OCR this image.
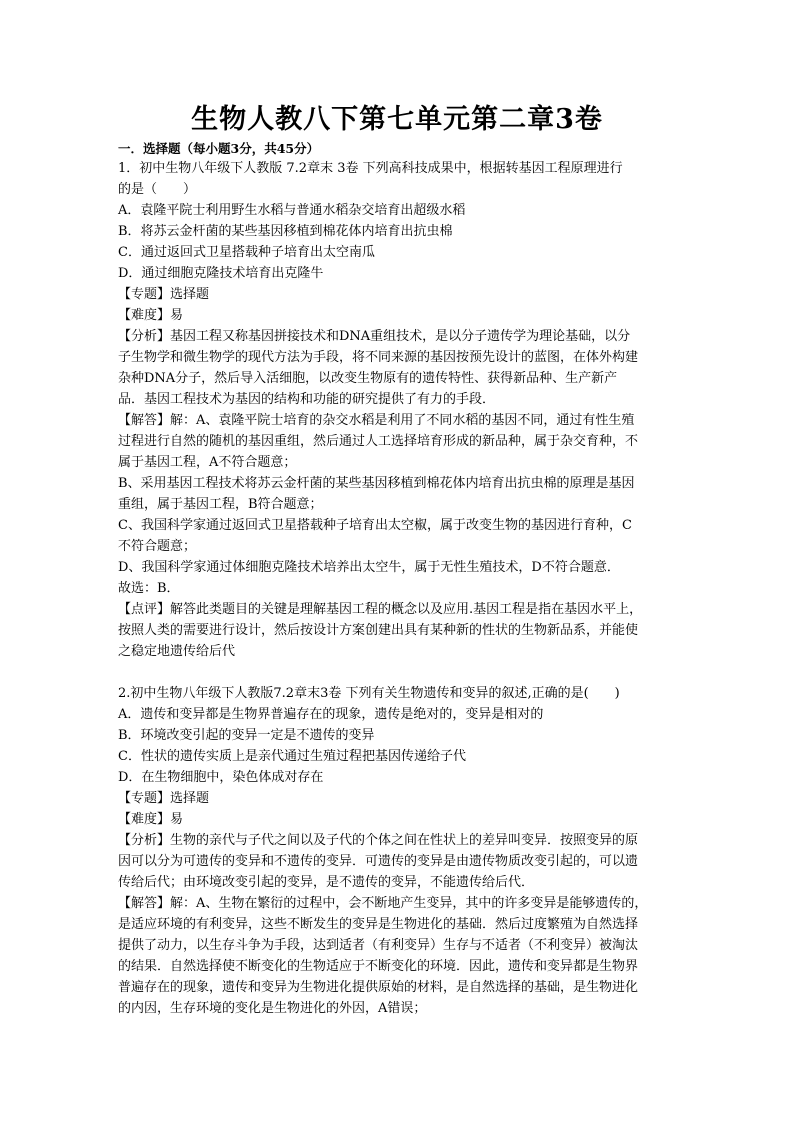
生物人教八下第七单元第二章3卷
一．选择题（每小题3分，共45分）
1．初中生物八年级下人教版 7.2章末 3卷 下列高科技成果中，根据转基因工程原理进行
的是（　　）
A．袁隆平院士利用野生水稻与普通水稻杂交培育出超级水稻
B．将苏云金杆菌的某些基因移植到棉花体内培育出抗虫棉
C．通过返回式卫星搭载种子培育出太空南瓜
D．通过细胞克隆技术培育出克隆牛
【专题】选择题
【难度】易
【分析】基因工程又称基因拼接技术和DNA重组技术，是以分子遗传学为理论基础，以分
子生物学和微生物学的现代方法为手段，将不同来源的基因按预先设计的蓝图，在体外构建
杂种DNA分子，然后导入活细胞，以改变生物原有的遗传特性、获得新品种、生产新产
品．基因工程技术为基因的结构和功能的研究提供了有力的手段．
【解答】解：A、袁隆平院士培育的杂交水稻是利用了不同水稻的基因不同，通过有性生殖
过程进行自然的随机的基因重组，然后通过人工选择培育形成的新品种，属于杂交育种，不
属于基因工程，A不符合题意；
B、采用基因工程技术将苏云金杆菌的某些基因移植到棉花体内培育出抗虫棉的原理是基因
重组，属于基因工程，B符合题意；
C、我国科学家通过返回式卫星搭载种子培育出太空椒，属于改变生物的基因进行育种，C
不符合题意；
D、我国科学家通过体细胞克隆技术培养出太空牛，属于无性生殖技术，D不符合题意．
故选：B．
【点评】解答此类题目的关键是理解基因工程的概念以及应用.基因工程是指在基因水平上，
按照人类的需要进行设计，然后按设计方案创建出具有某种新的性状的生物新品系，并能使
之稳定地遗传给后代
2.初中生物八年级下人教版7.2章末3卷 下列有关生物遗传和变异的叙述,正确的是(　　)
A．遗传和变异都是生物界普遍存在的现象，遗传是绝对的，变异是相对的
B．环境改变引起的变异一定是不遗传的变异
C．性状的遗传实质上是亲代通过生殖过程把基因传递给子代
D．在生物细胞中，染色体成对存在
【专题】选择题
【难度】易
【分析】生物的亲代与子代之间以及子代的个体之间在性状上的差异叫变异．按照变异的原
因可以分为可遗传的变异和不遗传的变异．可遗传的变异是由遗传物质改变引起的，可以遗
传给后代；由环境改变引起的变异，是不遗传的变异，不能遗传给后代．
【解答】解：A、生物在繁衍的过程中，会不断地产生变异，其中的许多变异是能够遗传的，
是适应环境的有利变异，这些不断发生的变异是生物进化的基础．然后过度繁殖为自然选择
提供了动力，以生存斗争为手段，达到适者（有利变异）生存与不适者（不利变异）被淘汰
的结果．自然选择使不断变化的生物适应于不断变化的环境．因此，遗传和变异都是生物界
普遍存在的现象，遗传和变异为生物进化提供原始的材料，是自然选择的基础，是生物进化
的内因，生存环境的变化是生物进化的外因，A错误；
